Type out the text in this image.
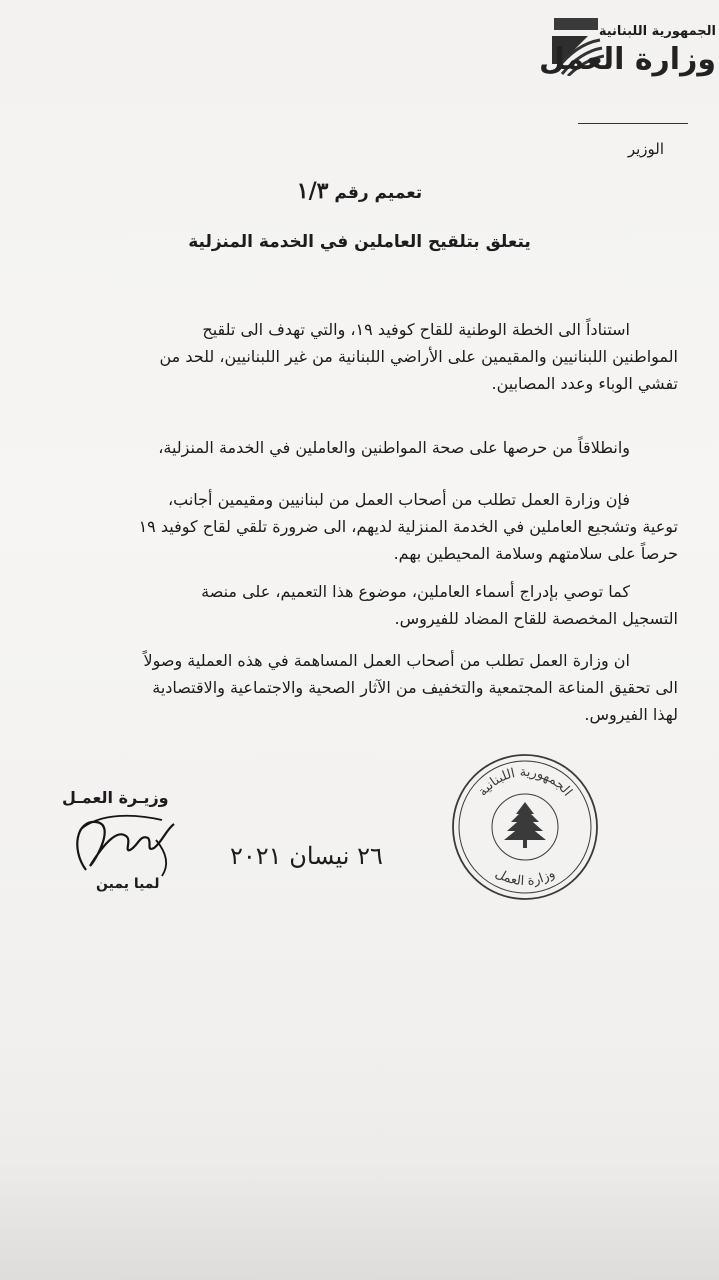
الجمهورية اللبنانية
وزارة العمل
الوزير
تعميم رقم ١/٣
يتعلق بتلقيح العاملين في الخدمة المنزلية
استناداً الى الخطة الوطنية للقاح كوفيد ١٩، والتي تهدف الى تلقيح
المواطنين اللبنانيين والمقيمين على الأراضي اللبنانية من غير اللبنانيين، للحد من
تفشي الوباء وعدد المصابين.
وانطلاقاً من حرصها على صحة المواطنين والعاملين في الخدمة المنزلية،
فإن وزارة العمل تطلب من أصحاب العمل من لبنانيين ومقيمين أجانب،
توعية وتشجيع العاملين في الخدمة المنزلية لديهم، الى ضرورة تلقي لقاح كوفيد ١٩
حرصاً على سلامتهم وسلامة المحيطين بهم.
كما توصي بإدراج أسماء العاملين، موضوع هذا التعميم، على منصة
التسجيل المخصصة للقاح المضاد للفيروس.
ان وزارة العمل تطلب من أصحاب العمل المساهمة في هذه العملية وصولاً
الى تحقيق المناعة المجتمعية والتخفيف من الآثار الصحية والاجتماعية والاقتصادية
لهذا الفيروس.
وزيـرة العمـل
لميا يمين
٢٦ نيسان ٢٠٢١
الجمهورية اللبنانية
وزارة العمل
